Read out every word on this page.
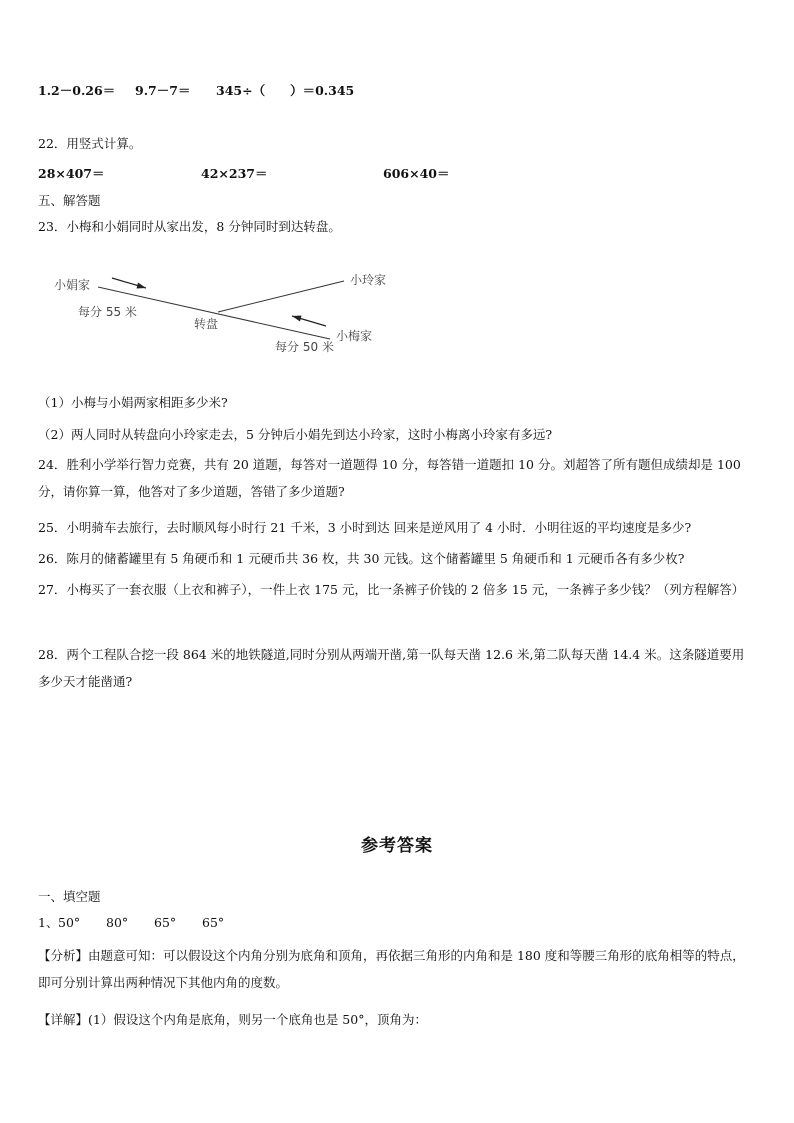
1.2－0.26＝ 9.7－7＝ 345÷（　　）＝0.345
22．用竖式计算。
28×407＝	42×237＝	606×40＝
五、解答题
23．小梅和小娟同时从家出发，8 分钟同时到达转盘。
小娟家	小玲家
小梅家
转盘
每分 55 米
每分 50 米
（1）小梅与小娟两家相距多少米?
（2）两人同时从转盘向小玲家走去，5 分钟后小娟先到达小玲家，这时小梅离小玲家有多远?
24．胜利小学举行智力竞赛，共有 20 道题，每答对一道题得 10 分，每答错一道题扣 10 分。刘超答了所有题但成绩却是 100 分，请你算一算，他答对了多少道题，答错了多少道题?
25．小明骑车去旅行，去时顺风每小时行 21 千米，3 小时到达 回来是逆风用了 4 小时．小明往返的平均速度是多少?
26．陈月的储蓄罐里有 5 角硬币和 1 元硬币共 36 枚，共 30 元钱。这个储蓄罐里 5 角硬币和 1 元硬币各有多少枚?
27．小梅买了一套衣服（上衣和裤子），一件上衣 175 元，比一条裤子价钱的 2 倍多 15 元，一条裤子多少钱？（列方程解答）
28．两个工程队合挖一段 864 米的地铁隧道,同时分别从两端开凿,第一队每天凿 12.6 米,第二队每天凿 14.4 米。这条隧道要用多少天才能凿通?
参考答案
一、填空题
1、 50° 80° 65° 65°
【分析】由题意可知：可以假设这个内角分别为底角和顶角，再依据三角形的内角和是 180 度和等腰三角形的底角相等的特点，即可分别计算出两种情况下其他内角的度数。
【详解】(1）假设这个内角是底角，则另一个底角也是 50°，顶角为：
